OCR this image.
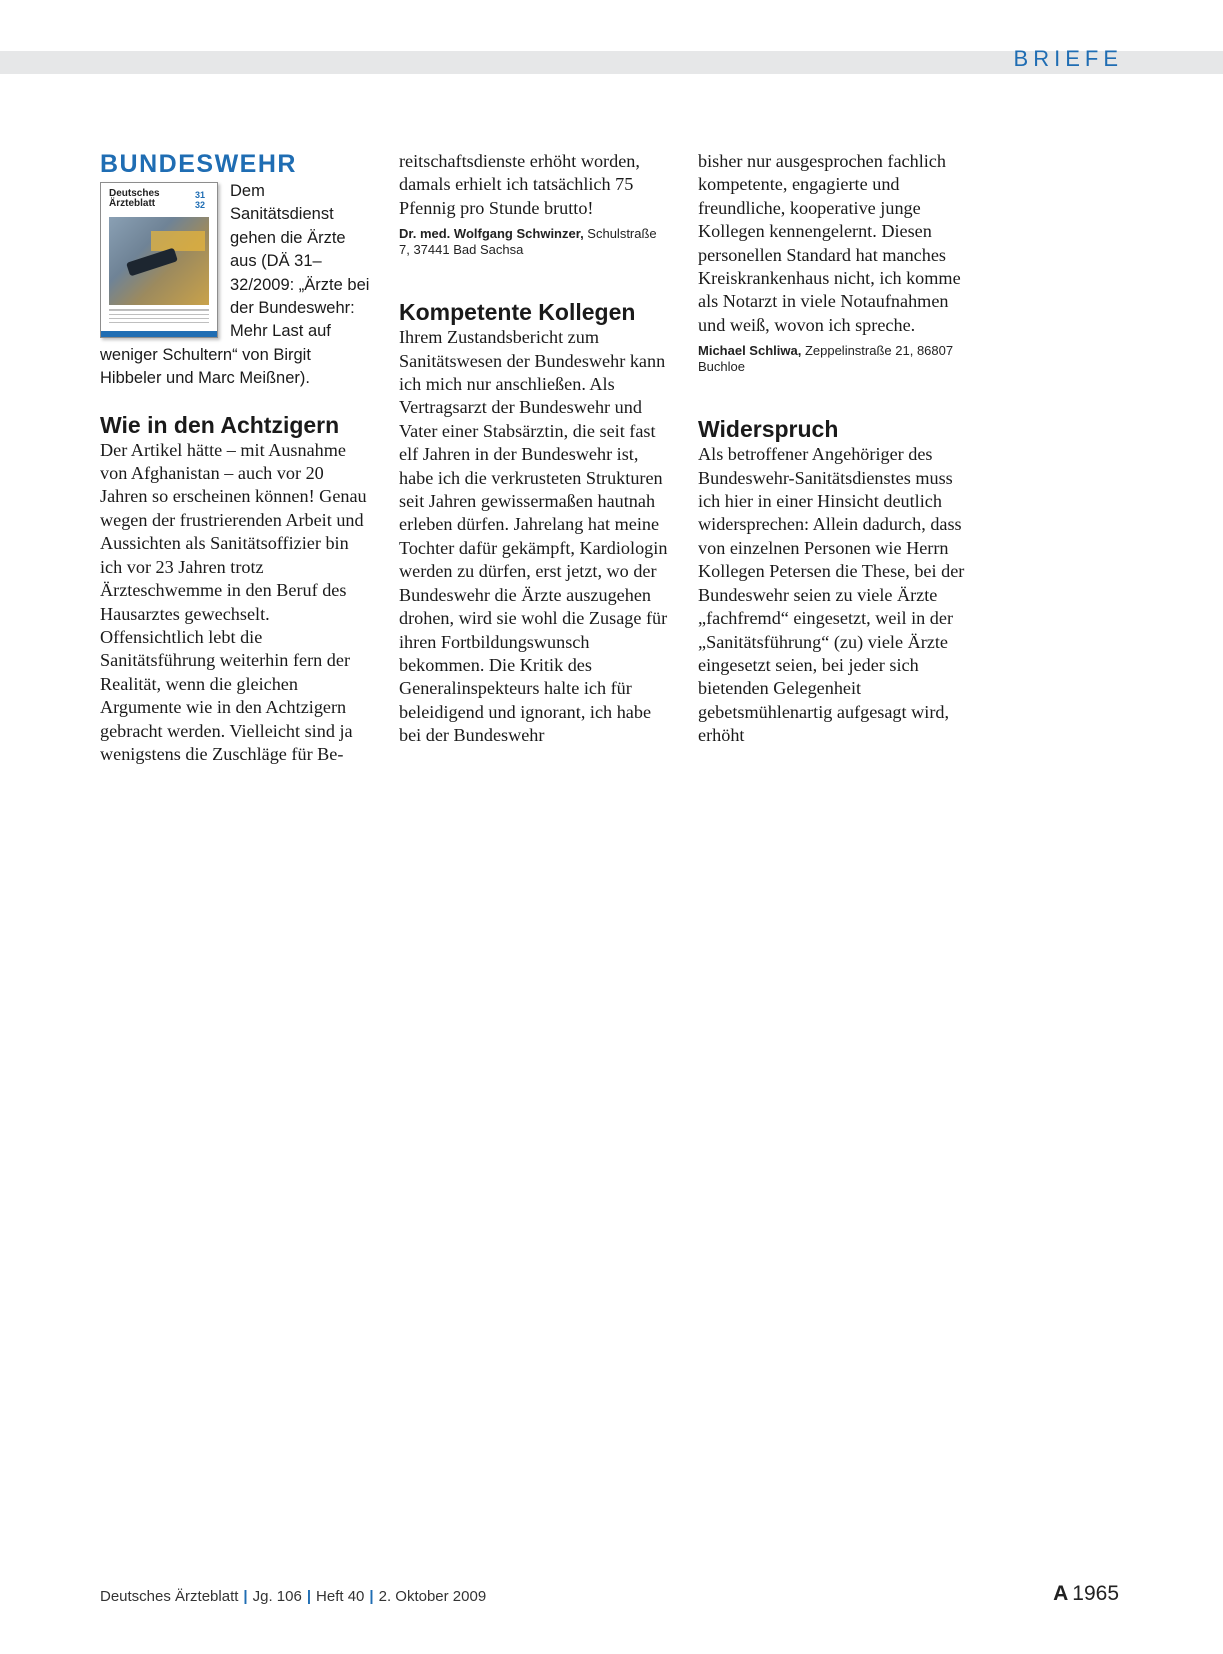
BRIEFE
BUNDESWEHR
Deutsches Ärzteblatt
31
32

Dem Sanitätsdienst gehen die Ärzte aus (DÄ 31–32/2009: „Ärzte bei der Bundeswehr: Mehr Last auf weniger Schultern“ von Birgit Hibbeler und Marc Meißner).

Wie in den Achtzigern

Der Artikel hätte – mit Ausnahme von Afghanistan – auch vor 20 Jahren so erscheinen können! Genau wegen der frustrierenden Arbeit und Aussichten als Sanitätsoffizier bin ich vor 23 Jahren trotz Ärzteschwemme in den Beruf des Hausarztes gewechselt. Offensichtlich lebt die Sanitätsführung weiterhin fern der Realität, wenn die gleichen Argumente wie in den Achtzigern gebracht werden. Vielleicht sind ja wenigstens die Zuschläge für Be-

reitschaftsdienste erhöht worden, damals erhielt ich tatsächlich 75 Pfennig pro Stunde brutto!

Dr. med. Wolfgang Schwinzer, Schulstraße 7, 37441 Bad Sachsa

Kompetente Kollegen

Ihrem Zustandsbericht zum Sanitätswesen der Bundeswehr kann ich mich nur anschließen. Als Vertragsarzt der Bundeswehr und Vater einer Stabsärztin, die seit fast elf Jahren in der Bundeswehr ist, habe ich die verkrusteten Strukturen seit Jahren gewissermaßen hautnah erleben dürfen. Jahrelang hat meine Tochter dafür gekämpft, Kardiologin werden zu dürfen, erst jetzt, wo der Bundeswehr die Ärzte auszugehen drohen, wird sie wohl die Zusage für ihren Fortbildungswunsch bekommen. Die Kritik des Generalinspekteurs halte ich für beleidigend und ignorant, ich habe bei der Bundeswehr

bisher nur ausgesprochen fachlich kompetente, engagierte und freundliche, kooperative junge Kollegen kennengelernt. Diesen personellen Standard hat manches Kreiskrankenhaus nicht, ich komme als Notarzt in viele Notaufnahmen und weiß, wovon ich spreche.

Michael Schliwa, Zeppelinstraße 21, 86807 Buchloe

Widerspruch

Als betroffener Angehöriger des Bundeswehr-Sanitätsdienstes muss ich hier in einer Hinsicht deutlich widersprechen: Allein dadurch, dass von einzelnen Personen wie Herrn Kollegen Petersen die These, bei der Bundeswehr seien zu viele Ärzte „fachfremd“ eingesetzt, weil in der „Sanitätsführung“ (zu) viele Ärzte eingesetzt seien, bei jeder sich bietenden Gelegenheit gebetsmühlenartig aufgesagt wird, erhöht

Deutsches Ärzteblatt | Jg. 106 | Heft 40 | 2. Oktober 2009	A 1965
